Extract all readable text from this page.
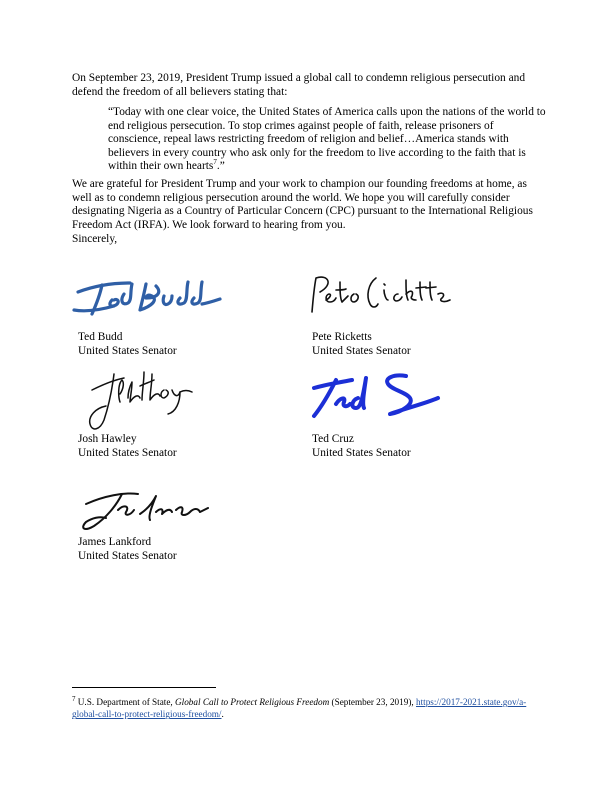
On September 23, 2019, President Trump issued a global call to condemn religious persecution and defend the freedom of all believers stating that:

“Today with one clear voice, the United States of America calls upon the nations of the world to end religious persecution. To stop crimes against people of faith, release prisoners of conscience, repeal laws restricting freedom of religion and belief…America stands with believers in every country who ask only for the freedom to live according to the faith that is within their own hearts$^7$.”

We are grateful for President Trump and your work to champion our founding freedoms at home, as well as to condemn religious persecution around the world. We hope you will carefully consider designating Nigeria as a Country of Particular Concern (CPC) pursuant to the International Religious Freedom Act (IRFA). We look forward to hearing from you.

Sincerely,

Ted Budd
United States Senator
Pete Ricketts
United States Senator
Josh Hawley
United States Senator
Ted Cruz
United States Senator
James Lankford
United States Senator
$^7$ U.S. Department of State, Global Call to Protect Religious Freedom (September 23, 2019), https://2017-2021.state.gov/a-global-call-to-protect-religious-freedom/.
